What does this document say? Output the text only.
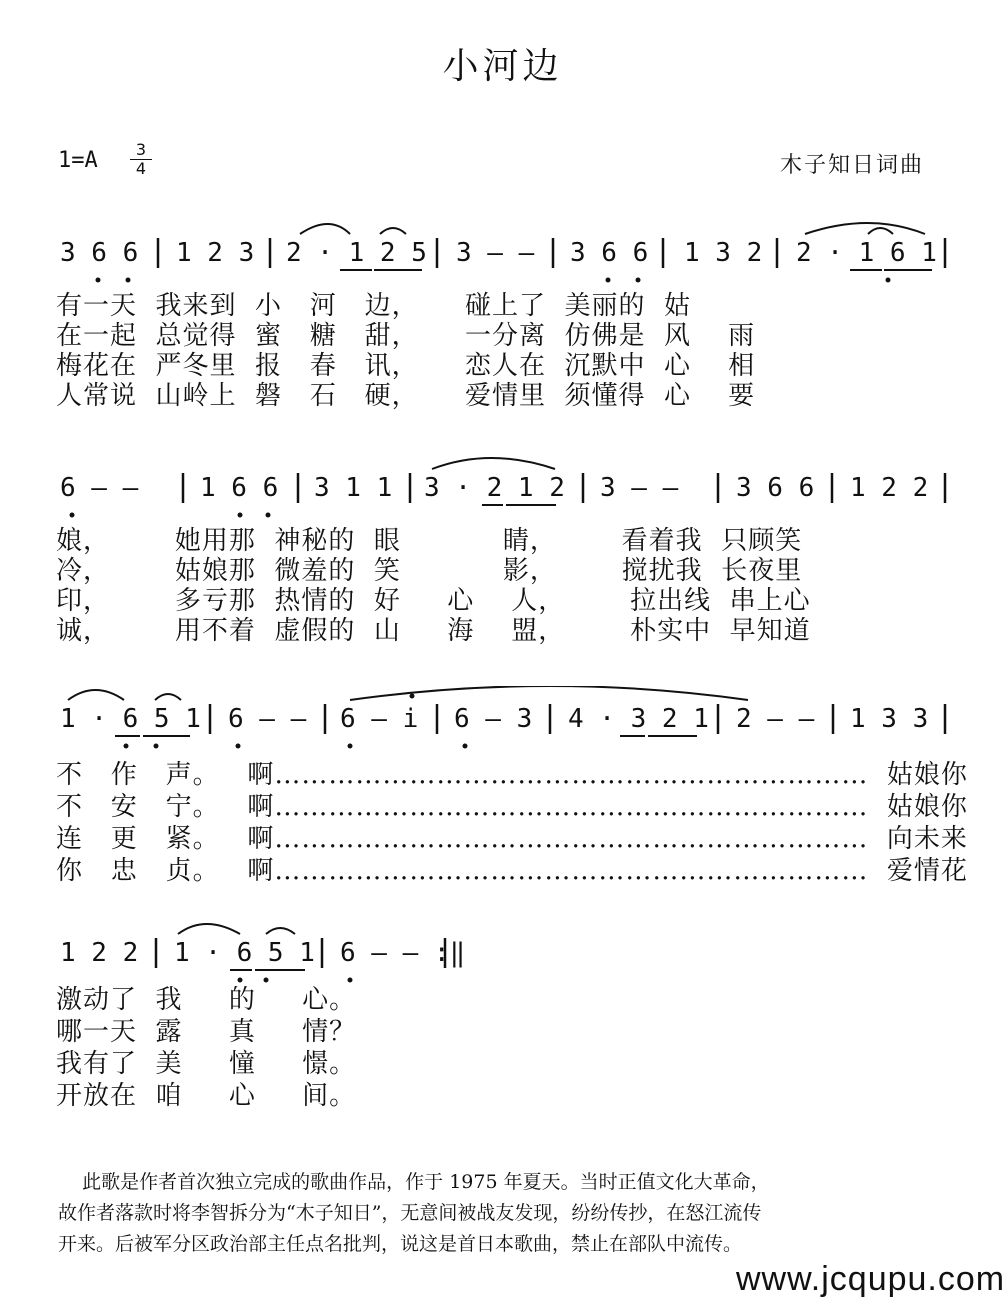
小河边
1=A	3
4	木子知日词曲
3 6 6 1 2 3 2 · 1 2 5 3 – – 3 6 6 1 3 2 2 · 1 6 1
有一天  我来到  小   河   边，     碰上了  美丽的  姑
在一起  总觉得  蜜   糖   甜，     一分离  仿佛是  风    雨
梅花在  严冬里  报   春   讯，     恋人在  沉默中  心    相
人常说  山岭上  磐   石   硬，     爱情里  须懂得  心    要
6 – – 1 6 6 3 1 1 3 · 2 1 2 3 – – 3 6 6 1 2 2
娘，       她用那  神秘的  眼           睛，       看着我  只顾笑
冷，       姑娘那  微羞的  笑           影，       搅扰我  长夜里
印，       多亏那  热情的  好     心    人，       拉出线  串上心
诚，       用不着  虚假的  山     海    盟，       朴实中  早知道
1 · 6 5 1 6 – – 6 – i 6 – 3 4 · 3 2 1 2 – – 1 3 3
不   作   声。   啊…………………………………………………………  姑娘你
不   安   宁。   啊…………………………………………………………  姑娘你
连   更   紧。   啊…………………………………………………………  向未来
你   忠   贞。   啊…………………………………………………………  爱情花
1 2 2 1 · 6 5 1 6 – – :‖
激动了  我     的     心。
哪一天  露     真     情？
我有了  美     憧     憬。
开放在  咱     心     间。
此歌是作者首次独立完成的歌曲作品，作于 1975 年夏天。当时正值文化大革命，
故作者落款时将李智拆分为“木子知日”，无意间被战友发现，纷纷传抄，在怒江流传
开来。后被军分区政治部主任点名批判，说这是首日本歌曲，禁止在部队中流传。
www.jcqupu.com
